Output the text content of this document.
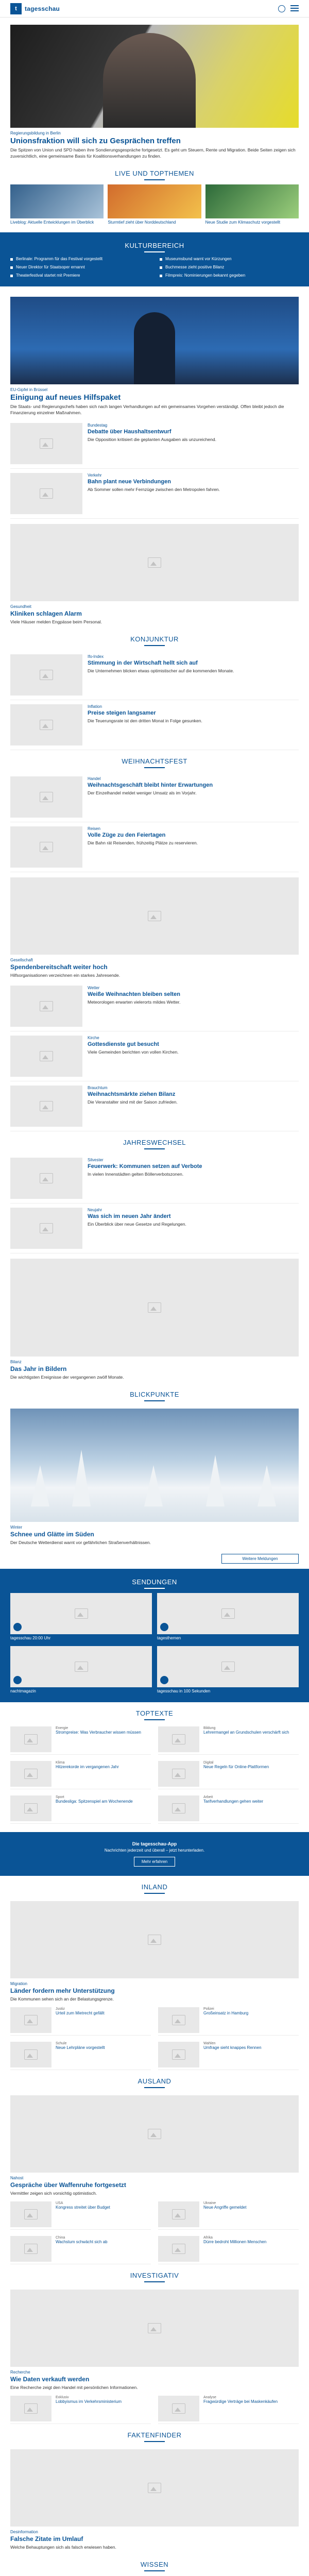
t	tagesschau
Regierungsbildung in Berlin
Unionsfraktion will sich zu Gesprächen treffen
Die Spitzen von Union und SPD haben ihre Sondierungsgespräche fortgesetzt. Es geht um Steuern, Rente und Migration. Beide Seiten zeigen sich zuversichtlich, eine gemeinsame Basis für Koalitionsverhandlungen zu finden.
LIVE UND TOPTHEMEN
Liveblog: Aktuelle Entwicklungen im Überblick	Sturmtief zieht über Norddeutschland	Neue Studie zum Klimaschutz vorgestellt
KULTURBEREICH
Berlinale: Programm für das Festival vorgestellt	Museumsbund warnt vor Kürzungen
Neuer Direktor für Staatsoper ernannt	Buchmesse zieht positive Bilanz
Theaterfestival startet mit Premiere	Filmpreis: Nominierungen bekannt gegeben
EU-Gipfel in Brüssel
Einigung auf neues Hilfspaket
Die Staats- und Regierungschefs haben sich nach langen Verhandlungen auf ein gemeinsames Vorgehen verständigt. Offen bleibt jedoch die Finanzierung einzelner Maßnahmen.
Bundestag
Debatte über Haushaltsentwurf
Die Opposition kritisiert die geplanten Ausgaben als unzureichend.
Verkehr
Bahn plant neue Verbindungen
Ab Sommer sollen mehr Fernzüge zwischen den Metropolen fahren.
Gesundheit
Kliniken schlagen Alarm
Viele Häuser melden Engpässe beim Personal.
KONJUNKTUR
Ifo-Index
Stimmung in der Wirtschaft hellt sich auf
Die Unternehmen blicken etwas optimistischer auf die kommenden Monate.
Inflation
Preise steigen langsamer
Die Teuerungsrate ist den dritten Monat in Folge gesunken.
WEIHNACHTSFEST
Handel
Weihnachtsgeschäft bleibt hinter Erwartungen
Der Einzelhandel meldet weniger Umsatz als im Vorjahr.
Reisen
Volle Züge zu den Feiertagen
Die Bahn rät Reisenden, frühzeitig Plätze zu reservieren.
Gesellschaft
Spendenbereitschaft weiter hoch
Hilfsorganisationen verzeichnen ein starkes Jahresende.
Wetter
Weiße Weihnachten bleiben selten
Meteorologen erwarten vielerorts mildes Wetter.
Kirche
Gottesdienste gut besucht
Viele Gemeinden berichten von vollen Kirchen.
Brauchtum
Weihnachtsmärkte ziehen Bilanz
Die Veranstalter sind mit der Saison zufrieden.
JAHRESWECHSEL
Silvester
Feuerwerk: Kommunen setzen auf Verbote
In vielen Innenstädten gelten Böllerverbotszonen.
Neujahr
Was sich im neuen Jahr ändert
Ein Überblick über neue Gesetze und Regelungen.
Bilanz
Das Jahr in Bildern
Die wichtigsten Ereignisse der vergangenen zwölf Monate.
BLICKPUNKTE
Winter
Schnee und Glätte im Süden
Der Deutsche Wetterdienst warnt vor gefährlichen Straßenverhältnissen.
Weitere Meldungen
SENDUNGEN
tagesschau 20:00 Uhr	tagesthemen
nachtmagazin	tagesschau in 100 Sekunden
TOPTEXTE
Energie
Strompreise: Was Verbraucher wissen müssen
Bildung
Lehrermangel an Grundschulen verschärft sich
Klima
Hitzerekorde im vergangenen Jahr
Digital
Neue Regeln für Online-Plattformen
Sport
Bundesliga: Spitzenspiel am Wochenende
Arbeit
Tarifverhandlungen gehen weiter
Die tagesschau-App
Nachrichten jederzeit und überall – jetzt herunterladen.
Mehr erfahren
INLAND
Migration
Länder fordern mehr Unterstützung
Die Kommunen sehen sich an der Belastungsgrenze.
Justiz
Urteil zum Mietrecht gefällt
Polizei
Großeinsatz in Hamburg
Schule
Neue Lehrpläne vorgestellt
Wahlen
Umfrage sieht knappes Rennen
AUSLAND
Nahost
Gespräche über Waffenruhe fortgesetzt
Vermittler zeigen sich vorsichtig optimistisch.
USA
Kongress streitet über Budget
Ukraine
Neue Angriffe gemeldet
China
Wachstum schwächt sich ab
Afrika
Dürre bedroht Millionen Menschen
INVESTIGATIV
Recherche
Wie Daten verkauft werden
Eine Recherche zeigt den Handel mit persönlichen Informationen.
Exklusiv
Lobbyismus im Verkehrsministerium
Analyse
Fragwürdige Verträge bei Maskenkäufen
FAKTENFINDER
Desinformation
Falsche Zitate im Umlauf
Welche Behauptungen sich als falsch erwiesen haben.
WISSEN
